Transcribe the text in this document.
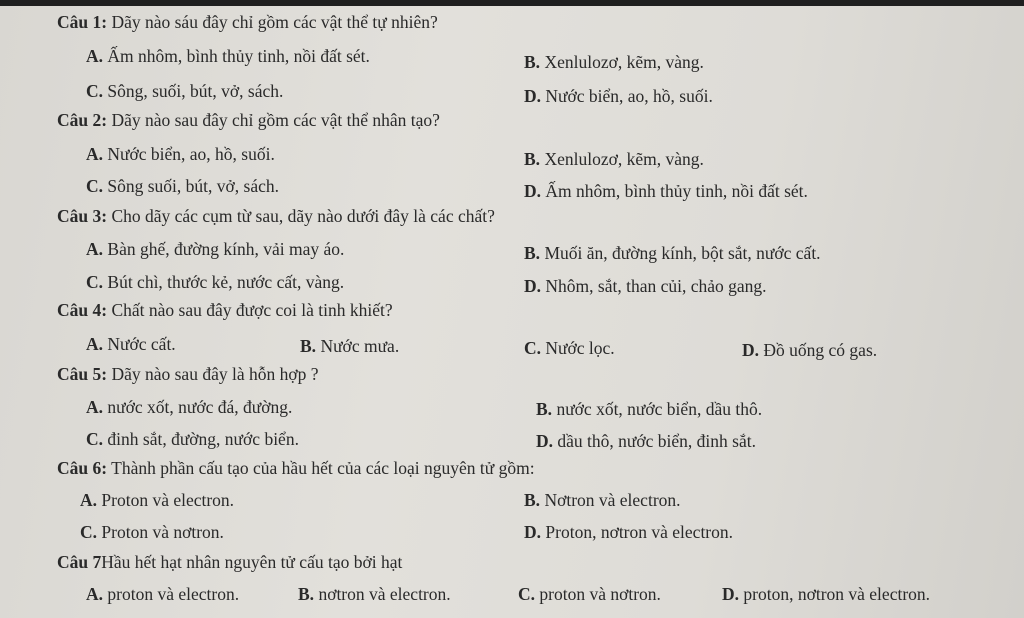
Câu 1: Dãy nào sáu đây chỉ gồm các vật thể tự nhiên?
A. Ấm nhôm, bình thủy tinh, nồi đất sét.	B. Xenlulozơ, kẽm, vàng.
C. Sông, suối, bút, vở, sách.	D. Nước biển, ao, hồ, suối.
Câu 2: Dãy nào sau đây chỉ gồm các vật thể nhân tạo?
A. Nước biển, ao, hồ, suối.	B. Xenlulozơ, kẽm, vàng.
C. Sông suối, bút, vở, sách.	D. Ấm nhôm, bình thủy tinh, nồi đất sét.
Câu 3: Cho dãy các cụm từ sau, dãy nào dưới đây là các chất?
A. Bàn ghế, đường kính, vải may áo.	B. Muối ăn, đường kính, bột sắt, nước cất.
C. Bút chì, thước kẻ, nước cất, vàng.	D. Nhôm, sắt, than củi, chảo gang.
Câu 4: Chất nào sau đây được coi là tinh khiết?
A. Nước cất.	B. Nước mưa.	C. Nước lọc.	D. Đồ uống có gas.
Câu 5: Dãy nào sau đây là hỗn hợp ?
A. nước xốt, nước đá, đường.	B. nước xốt, nước biển, dầu thô.
C. đinh sắt, đường, nước biển.	D. dầu thô, nước biển, đinh sắt.
Câu 6: Thành phần cấu tạo của hầu hết của các loại nguyên tử gồm:
A. Proton và electron.	B. Nơtron và electron.
C. Proton và nơtron.	D. Proton, nơtron và electron.
Câu 7Hầu hết hạt nhân nguyên tử cấu tạo bởi hạt
A. proton và electron.	B. nơtron và electron.	C. proton và nơtron.	D. proton, nơtron và electron.
